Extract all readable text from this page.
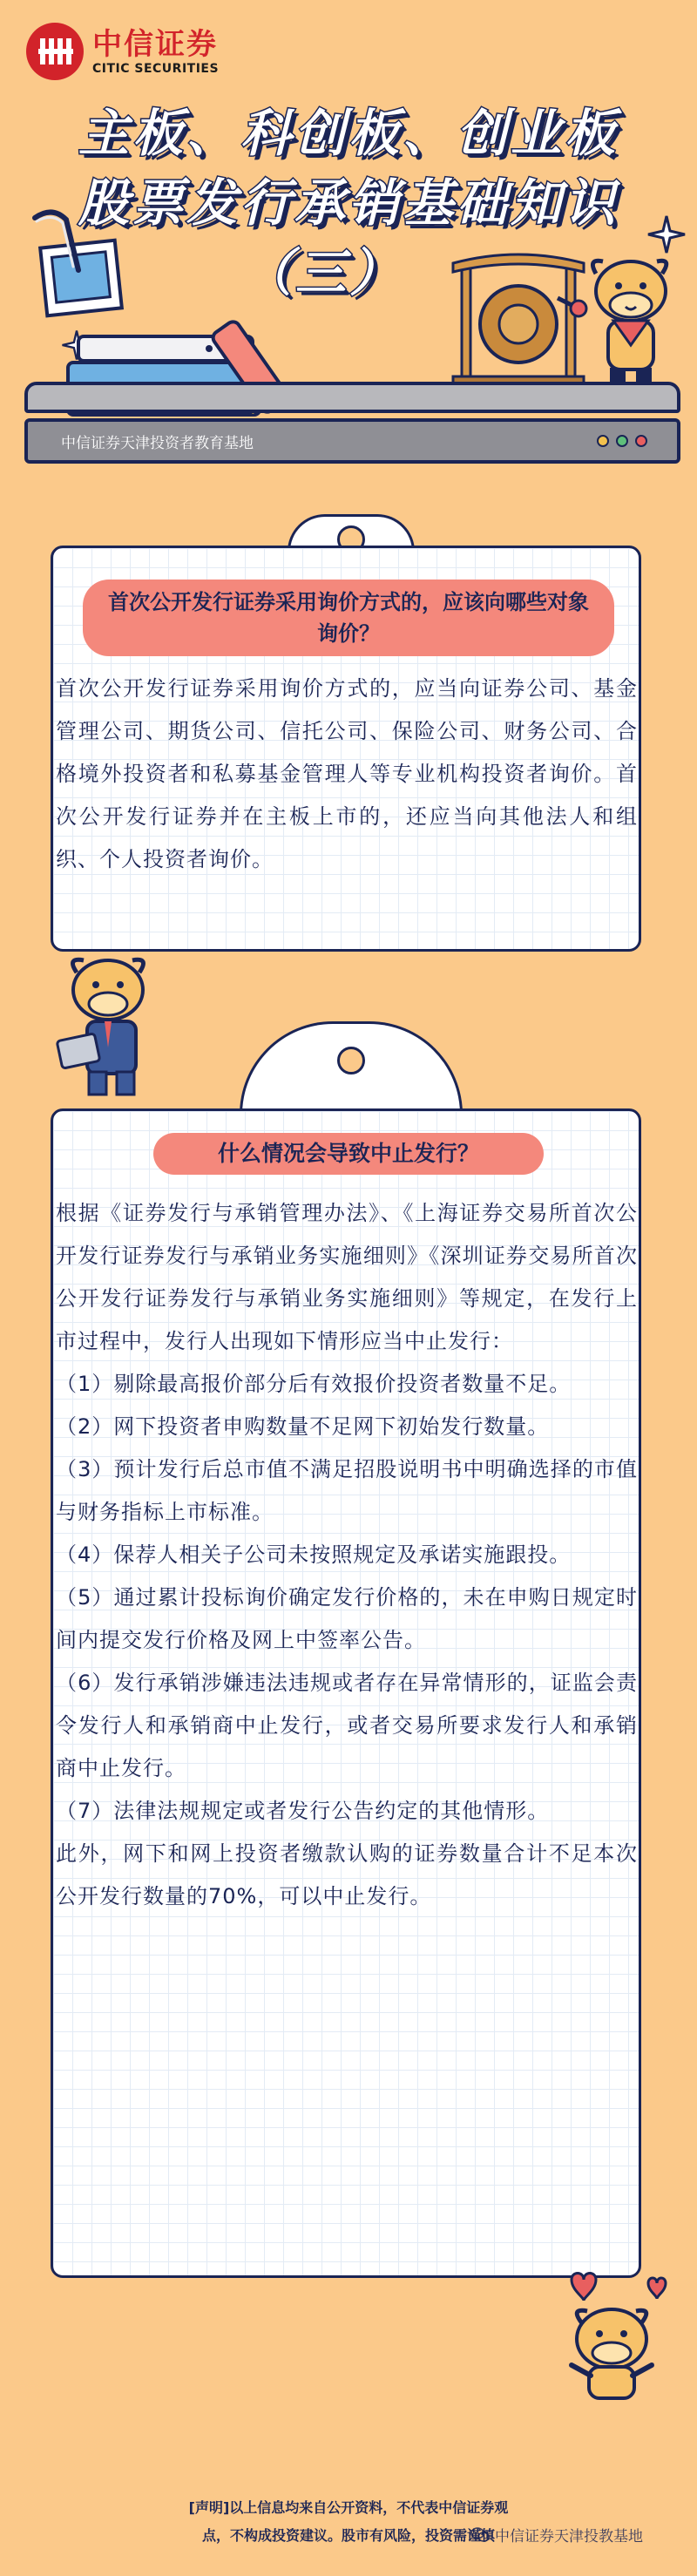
中信证券
CITIC SECURITIES
主板、科创板、创业板
股票发行承销基础知识
（三）
中信证券天津投资者教育基地
首次公开发行证券采用询价方式的，应该向哪些对象询价？
首次公开发行证券采用询价方式的，应当向证券公司、基金管理公司、期货公司、信托公司、保险公司、财务公司、合格境外投资者和私募基金管理人等专业机构投资者询价。首次公开发行证券并在主板上市的，还应当向其他法人和组织、个人投资者询价。
什么情况会导致中止发行？

根据《证券发行与承销管理办法》、《上海证券交易所首次公开发行证券发行与承销业务实施细则》《深圳证券交易所首次公开发行证券发行与承销业务实施细则》等规定，在发行上市过程中，发行人出现如下情形应当中止发行：

（1）剔除最高报价部分后有效报价投资者数量不足。

（2）网下投资者申购数量不足网下初始发行数量。

（3）预计发行后总市值不满足招股说明书中明确选择的市值与财务指标上市标准。

（4）保荐人相关子公司未按照规定及承诺实施跟投。

（5）通过累计投标询价确定发行价格的，未在申购日规定时间内提交发行价格及网上中签率公告。

（6）发行承销涉嫌违法违规或者存在异常情形的，证监会责令发行人和承销商中止发行，或者交易所要求发行人和承销商中止发行。

（7）法律法规规定或者发行公告约定的其他情形。

此外，网下和网上投资者缴款认购的证券数量合计不足本次公开发行数量的70%，可以中止发行。

[声明]以上信息均来自公开资料，不代表中信证券观
点，不构成投资建议。股市有风险，投资需谨慎 中信证券天津投教基地
